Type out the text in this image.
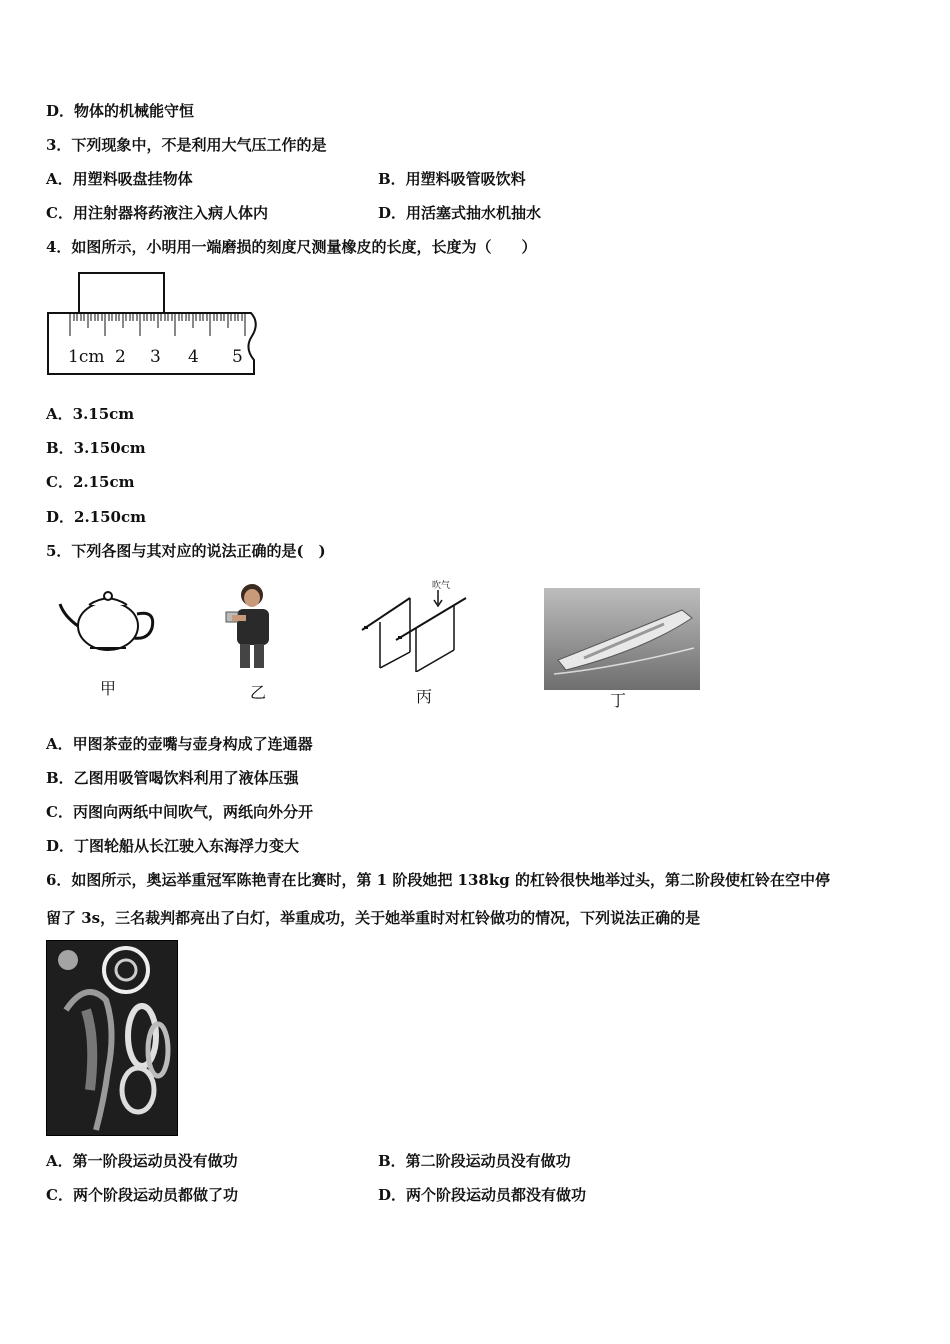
D．物体的机械能守恒
3．下列现象中，不是利用大气压工作的是
A．用塑料吸盘挂物体	B．用塑料吸管吸饮料
C．用注射器将药液注入病人体内	D．用活塞式抽水机抽水
4．如图所示，小明用一端磨损的刻度尺测量橡皮的长度，长度为（　　）
1cm 2 3 4 5
A．3.15cm
B．3.150cm
C．2.15cm
D．2.150cm
5．下列各图与其对应的说法正确的是(　)
甲	乙
吹气
丙	丁
A．甲图茶壶的壶嘴与壶身构成了连通器
B．乙图用吸管喝饮料利用了液体压强
C．丙图向两纸中间吹气，两纸向外分开
D．丁图轮船从长江驶入东海浮力变大
6．如图所示，奥运举重冠军陈艳青在比赛时，第 1 阶段她把 138kg 的杠铃很快地举过头，第二阶段使杠铃在空中停
留了 3s，三名裁判都亮出了白灯，举重成功，关于她举重时对杠铃做功的情况，下列说法正确的是
A．第一阶段运动员没有做功	B．第二阶段运动员没有做功
C．两个阶段运动员都做了功	D．两个阶段运动员都没有做功
